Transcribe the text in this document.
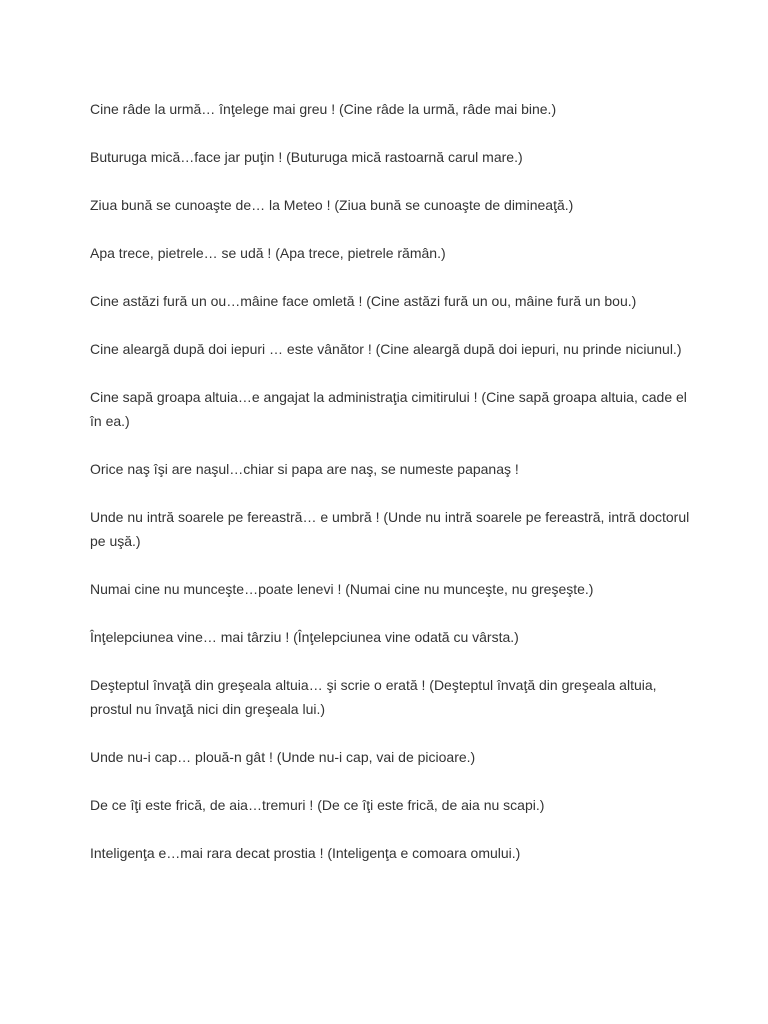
Cine râde la urmă… înţelege mai greu ! (Cine râde la urmă, râde mai bine.)

Buturuga mică…face jar puţin ! (Buturuga mică rastoarnă carul mare.)

Ziua bună se cunoaşte de… la Meteo ! (Ziua bună se cunoaşte de dimineaţă.)

Apa trece, pietrele… se udă ! (Apa trece, pietrele rămân.)

Cine astăzi fură un ou…mâine face omletă ! (Cine astăzi fură un ou, mâine fură un bou.)

Cine aleargă după doi iepuri … este vânător ! (Cine aleargă după doi iepuri, nu prinde niciunul.)

Cine sapă groapa altuia…e angajat la administraţia cimitirului ! (Cine sapă groapa altuia, cade el în ea.)

Orice naş îşi are naşul…chiar si papa are naş, se numeste papanaş !

Unde nu intră soarele pe fereastră… e umbră ! (Unde nu intră soarele pe fereastră, intră doctorul pe uşă.)

Numai cine nu munceşte…poate lenevi ! (Numai cine nu munceşte, nu greşeşte.)

Înţelepciunea vine… mai târziu ! (Înţelepciunea vine odată cu vârsta.)

Deşteptul învaţă din greşeala altuia… şi scrie o erată ! (Deşteptul învaţă din greşeala altuia, prostul nu învaţă nici din greşeala lui.)

Unde nu-i cap… plouă-n gât ! (Unde nu-i cap, vai de picioare.)

De ce îţi este frică, de aia…tremuri ! (De ce îţi este frică, de aia nu scapi.)

Inteligenţa e…mai rara decat prostia ! (Inteligenţa e comoara omului.)
